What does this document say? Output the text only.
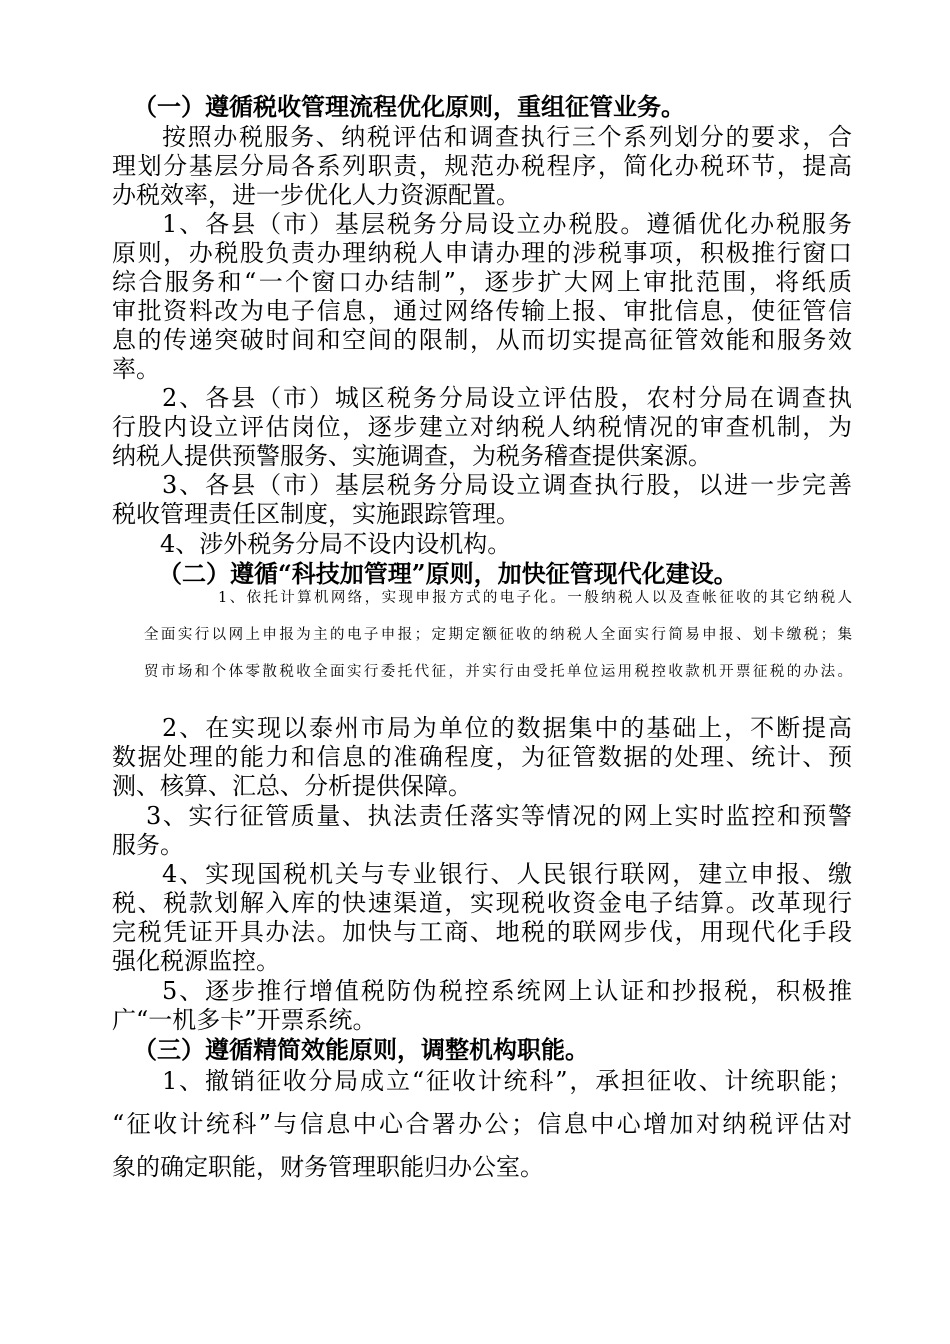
（一）遵循税收管理流程优化原则，重组征管业务。
按照办税服务、纳税评估和调查执行三个系列划分的要求，合
理划分基层分局各系列职责，规范办税程序，简化办税环节，提高
办税效率，进一步优化人力资源配置。
1、各县（市）基层税务分局设立办税股。遵循优化办税服务
原则，办税股负责办理纳税人申请办理的涉税事项，积极推行窗口
综合服务和“一个窗口办结制”，逐步扩大网上审批范围，将纸质
审批资料改为电子信息，通过网络传输上报、审批信息，使征管信
息的传递突破时间和空间的限制，从而切实提高征管效能和服务效
率。
2、各县（市）城区税务分局设立评估股，农村分局在调查执
行股内设立评估岗位，逐步建立对纳税人纳税情况的审查机制，为
纳税人提供预警服务、实施调查，为税务稽查提供案源。
3、各县（市）基层税务分局设立调查执行股，以进一步完善
税收管理责任区制度，实施跟踪管理。
4、涉外税务分局不设内设机构。
（二）遵循“科技加管理”原则，加快征管现代化建设。
1、依托计算机网络，实现申报方式的电子化。一般纳税人以及查帐征收的其它纳税人
全面实行以网上申报为主的电子申报；定期定额征收的纳税人全面实行简易申报、划卡缴税；集
贸市场和个体零散税收全面实行委托代征，并实行由受托单位运用税控收款机开票征税的办法。
2、在实现以泰州市局为单位的数据集中的基础上，不断提高
数据处理的能力和信息的准确程度，为征管数据的处理、统计、预
测、核算、汇总、分析提供保障。
3、实行征管质量、执法责任落实等情况的网上实时监控和预警
服务。
4、实现国税机关与专业银行、人民银行联网，建立申报、缴
税、税款划解入库的快速渠道，实现税收资金电子结算。改革现行
完税凭证开具办法。加快与工商、地税的联网步伐，用现代化手段
强化税源监控。
5、逐步推行增值税防伪税控系统网上认证和抄报税，积极推
广“一机多卡”开票系统。
（三）遵循精简效能原则，调整机构职能。
1、撤销征收分局成立“征收计统科”，承担征收、计统职能；
“征收计统科”与信息中心合署办公；信息中心增加对纳税评估对
象的确定职能，财务管理职能归办公室。
